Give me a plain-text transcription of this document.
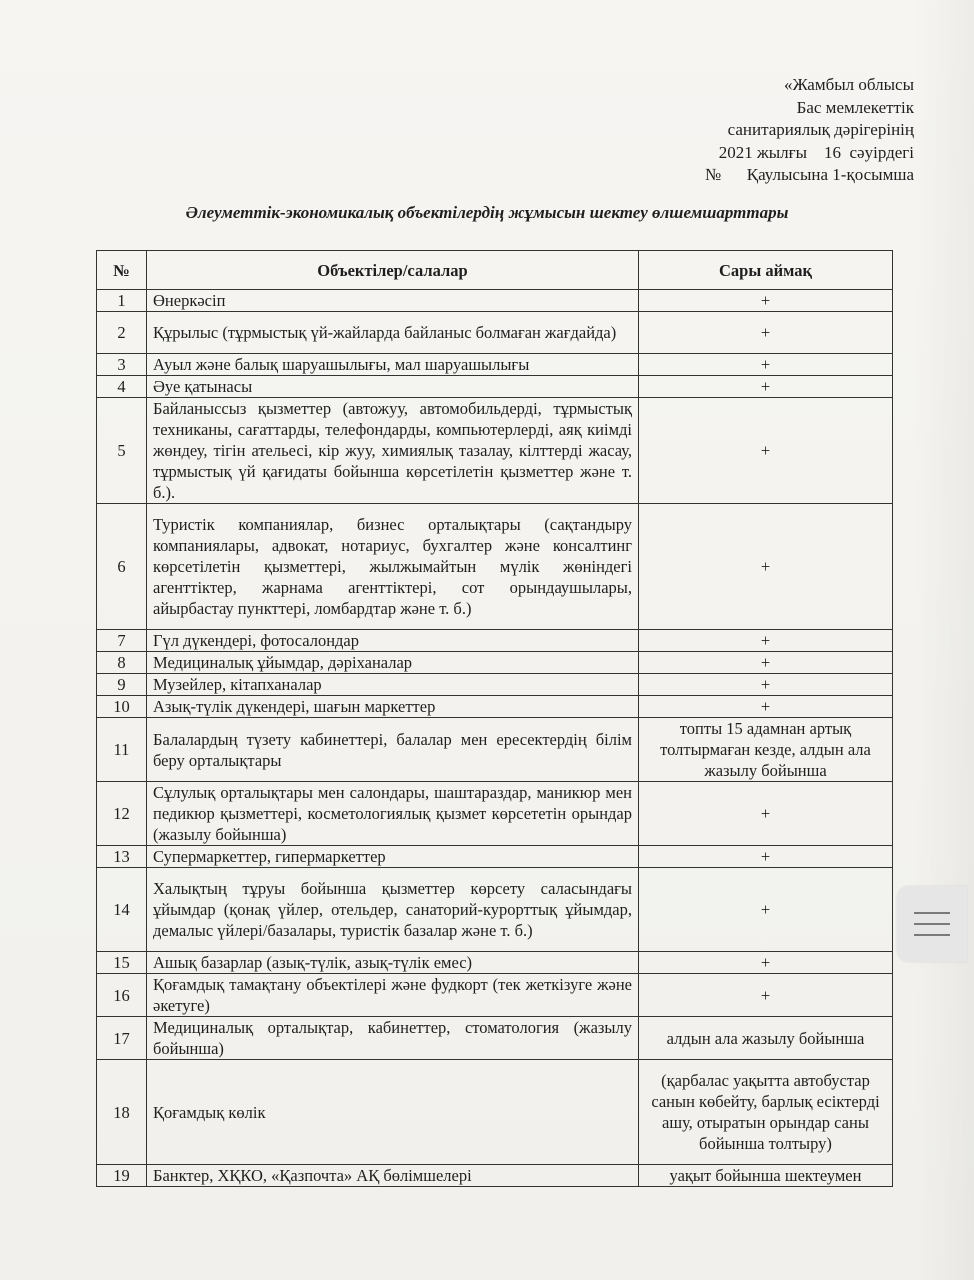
«Жамбыл облысы
Бас мемлекеттік
санитариялық дәрігерінің
2021 жылғы    16  сәуірдегі
№      Қаулысына 1-қосымша
Әлеуметтік-экономикалық объектілердің жұмысын шектеу өлшемшарттары
№	Объектілер/салалар	Сары аймақ
1	Өнеркәсіп	+
2	Құрылыс (тұрмыстық үй-жайларда байланыс болмаған жағдайда)	+
3	Ауыл және балық шаруашылығы, мал шаруашылығы	+
4	Әуе қатынасы	+
5	Байланыссыз қызметтер (автожуу, автомобильдерді, тұрмыстық техниканы, сағаттарды, телефондарды, компьютерлерді, аяқ киімді жөндеу, тігін ательесі, кір жуу, химиялық тазалау, кілттерді жасау, тұрмыстық үй қағидаты бойынша көрсетілетін қызметтер және т. б.).	+
6	Туристік компаниялар, бизнес орталықтары (сақтандыру компаниялары, адвокат, нотариус, бухгалтер және консалтинг көрсетілетін қызметтері, жылжымайтын мүлік жөніндегі агенттіктер, жарнама агенттіктері, сот орындаушылары, айырбастау пункттері, ломбардтар және т. б.)	+
7	Гүл дүкендері, фотосалондар	+
8	Медициналық ұйымдар, дәріханалар	+
9	Музейлер, кітапханалар	+
10	Азық-түлік дүкендері, шағын маркеттер	+
11	Балалардың түзету кабинеттері, балалар мен ересектердің білім беру орталықтары	топты 15 адамнан артық толтырмаған кезде, алдын ала жазылу бойынша
12	Сұлулық орталықтары мен салондары, шаштараздар, маникюр мен педикюр қызметтері, косметологиялық қызмет көрсететін орындар (жазылу бойынша)	+
13	Супермаркеттер, гипермаркеттер	+
14	Халықтың тұруы бойынша қызметтер көрсету саласындағы ұйымдар (қонақ үйлер, отельдер, санаторий-курорттық ұйымдар, демалыс үйлері/базалары, туристік базалар және т. б.)	+
15	Ашық базарлар (азық-түлік, азық-түлік емес)	+
16	Қоғамдық тамақтану объектілері және фудкорт (тек жеткізуге және әкетуге)	+
17	Медициналық орталықтар, кабинеттер, стоматология (жазылу бойынша)	алдын ала жазылу бойынша
18	Қоғамдық көлік	(қарбалас уақытта автобустар санын көбейту, барлық есіктерді ашу, отыратын орындар саны бойынша толтыру)
19	Банктер, ХҚКО, «Қазпочта» АҚ бөлімшелері	уақыт бойынша шектеумен
